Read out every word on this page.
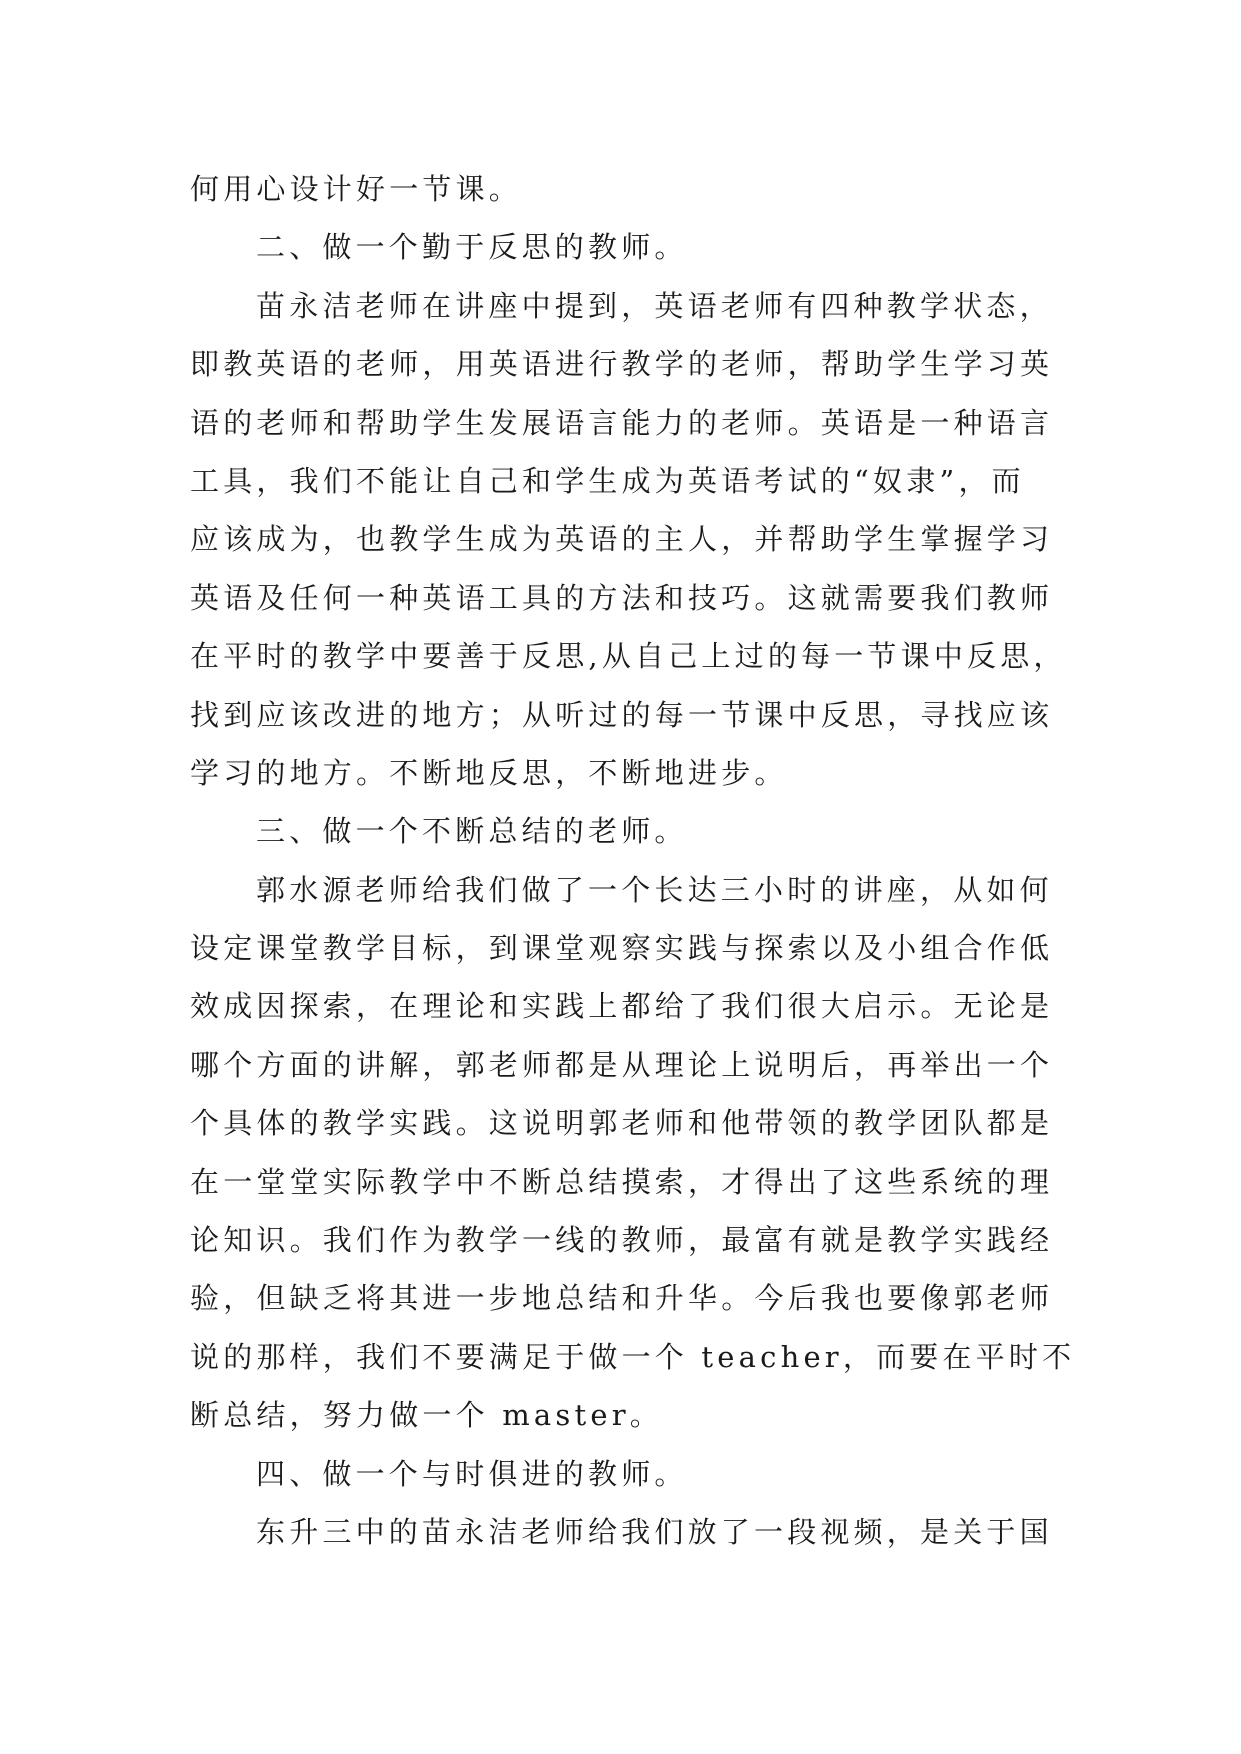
何用心设计好一节课。
二、做一个勤于反思的教师。
苗永洁老师在讲座中提到，英语老师有四种教学状态，
即教英语的老师，用英语进行教学的老师，帮助学生学习英
语的老师和帮助学生发展语言能力的老师。英语是一种语言
工具，我们不能让自己和学生成为英语考试的“奴隶”，而
应该成为，也教学生成为英语的主人，并帮助学生掌握学习
英语及任何一种英语工具的方法和技巧。这就需要我们教师
在平时的教学中要善于反思,从自己上过的每一节课中反思，
找到应该改进的地方；从听过的每一节课中反思，寻找应该
学习的地方。不断地反思，不断地进步。
三、做一个不断总结的老师。
郭水源老师给我们做了一个长达三小时的讲座，从如何
设定课堂教学目标，到课堂观察实践与探索以及小组合作低
效成因探索，在理论和实践上都给了我们很大启示。无论是
哪个方面的讲解，郭老师都是从理论上说明后，再举出一个
个具体的教学实践。这说明郭老师和他带领的教学团队都是
在一堂堂实际教学中不断总结摸索，才得出了这些系统的理
论知识。我们作为教学一线的教师，最富有就是教学实践经
验，但缺乏将其进一步地总结和升华。今后我也要像郭老师
说的那样，我们不要满足于做一个 teacher，而要在平时不
断总结，努力做一个 master。
四、做一个与时俱进的教师。
东升三中的苗永洁老师给我们放了一段视频，是关于国
